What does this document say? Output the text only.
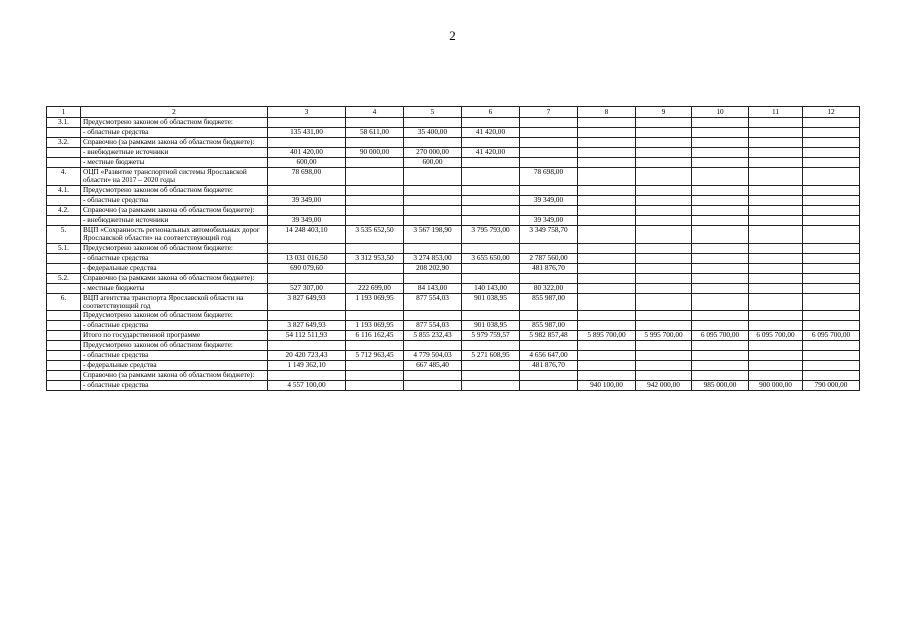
2
1	2	3	4	5	6	7	8	9	10	11	12
3.1.	Предусмотрено законом об областном бюджете:										
	- областные средства	135 431,00	58 611,00	35 400,00	41 420,00						
3.2.	Справочно (за рамками закона об областном бюджете):										
	- внебюджетные источники	401 420,00	90 000,00	270 000,00	41 420,00						
	- местные бюджеты	600,00		600,00							
4.	ОЦП «Развитие транспортной системы Ярославской области» на 2017 – 2020 годы	78 698,00				78 698,00					
4.1.	Предусмотрено законом об областном бюджете:										
	- областные средства	39 349,00				39 349,00					
4.2.	Справочно (за рамками закона об областном бюджете):										
	- внебюджетные источники	39 349,00				39 349,00					
5.	ВЦП «Сохранность региональных автомобильных дорог Ярославской области» на соответствующий год	14 248 403,10	3 535 652,50	3 567 198,90	3 795 793,00	3 349 758,70					
5.1.	Предусмотрено законом об областном бюджете:										
	- областные средства	13 031 016,50	3 312 953,50	3 274 853,00	3 655 650,00	2 787 560,00					
	- федеральные средства	690 079,60		208 202,90		481 876,70					
5.2.	Справочно (за рамками закона об областном бюджете):										
	- местные бюджеты	527 307,00	222 699,00	84 143,00	140 143,00	80 322,00					
6.	ВЦП агентства транспорта Ярославской области на соответствующий год	3 827 649,93	1 193 069,95	877 554,03	901 038,95	855 987,00					
	Предусмотрено законом об областном бюджете:										
	- областные средства	3 827 649,93	1 193 069,95	877 554,03	901 038,95	855 987,00					
	Итого по государственной программе	54 112 511,93	6 116 162,45	5 855 232,43	5 979 759,57	5 982 857,48	5 895 700,00	5 995 700,00	6 095 700,00	6 095 700,00	6 095 700,00
	Предусмотрено законом об областном бюджете:										
	- областные средства	20 420 723,43	5 712 963,45	4 779 504,03	5 271 608,95	4 656 647,00					
	- федеральные средства	1 149 362,10		667 485,40		481 876,70					
	Справочно (за рамками закона об областном бюджете):										
	- областные средства	4 557 100,00					940 100,00	942 000,00	985 000,00	900 000,00	790 000,00
